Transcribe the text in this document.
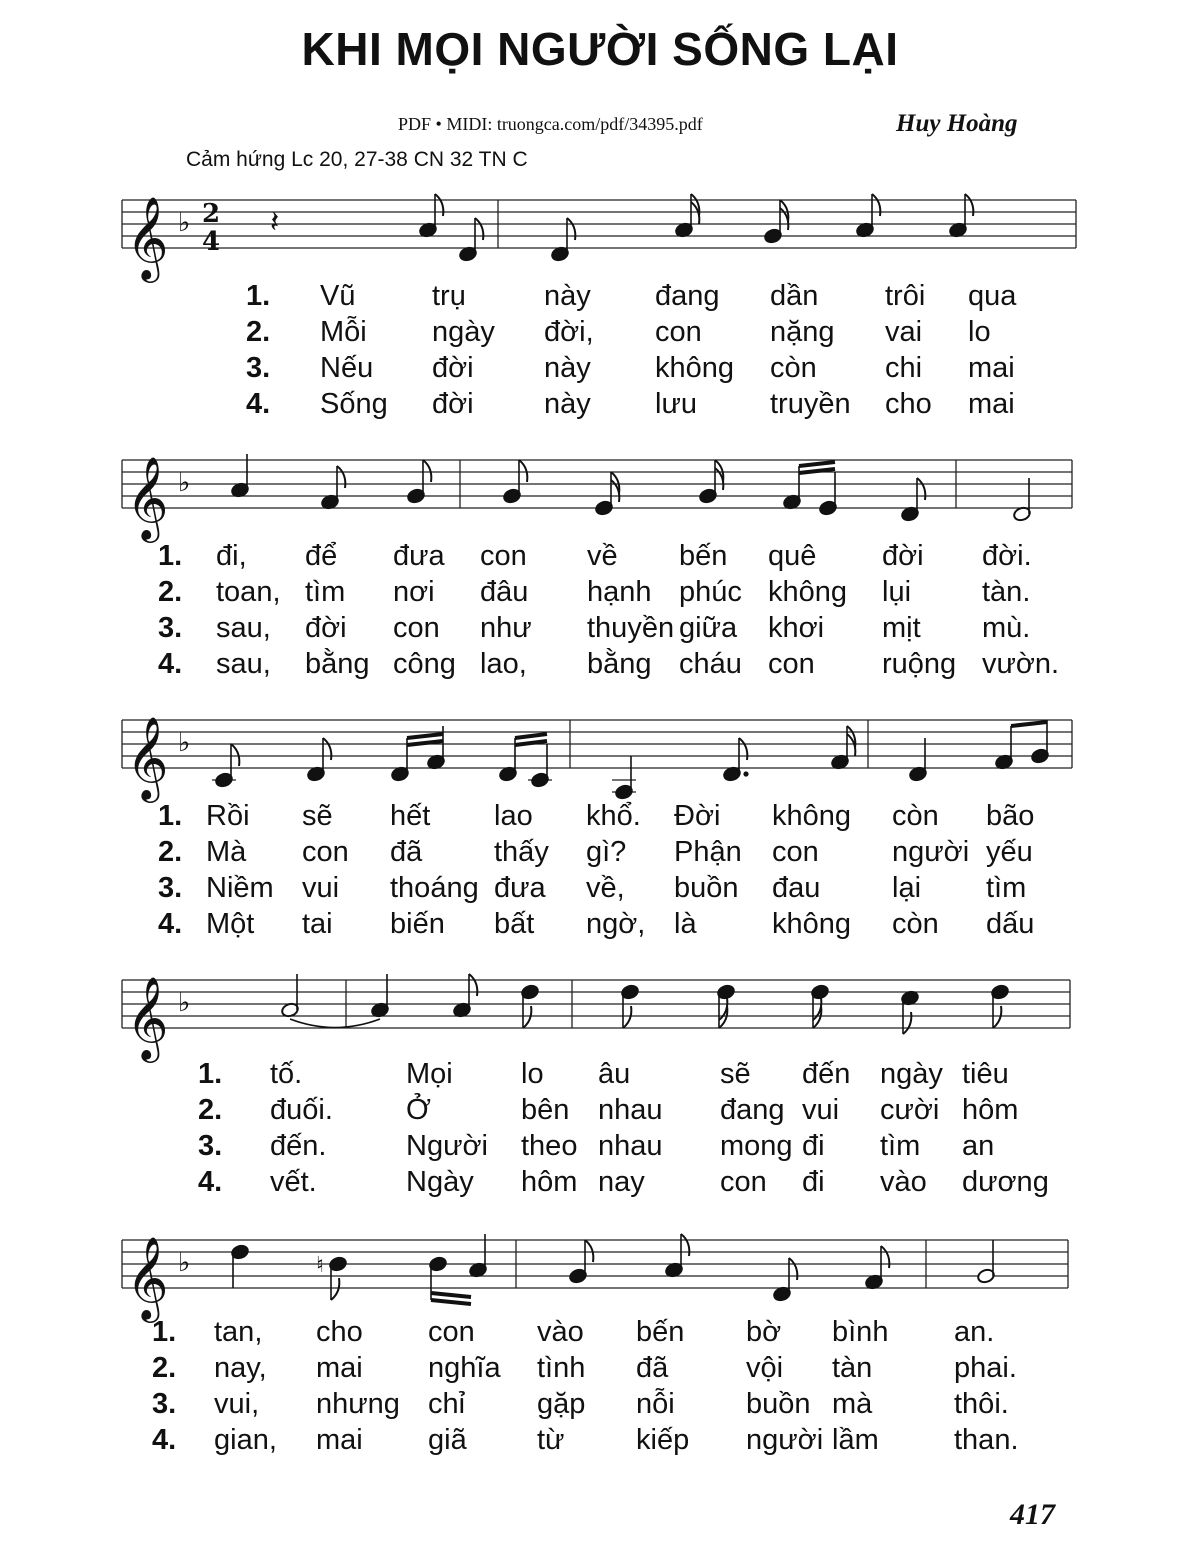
KHI MỌI NGƯỜI SỐNG LẠI
PDF • MIDI: truongca.com/pdf/34395.pdf	Huy Hoàng
Cảm hứng Lc 20, 27-38 CN 32 TN C
𝄞 ♭ 2
4
𝄽
𝄞 ♭
𝄞 ♭
𝄞 ♭
𝄞 ♭	♮
1. Vũ	trụ	này đang dần trôi qua
2. Mỗi ngày đời, con nặng vai lo
3. Nếu đời này không còn chi mai
4. Sống đời này lưu	truyền cho mai
1. đi, để đưa con về bến quê đời đời.
2. toan, tìm nơi đâu hạnh phúc không lụi tàn.
3. sau, đời con như thuyền giữa khơi mịt mù.
4. sau, bằng công lao, bằng cháu con ruộng vườn.
1. Rồi sẽ hết lao khổ. Đời không còn bão
2. Mà con đã thấy gì? Phận con	người yếu
3. Niềm vui thoáng đưa về, buồn đau lại tìm
4. Một tai biến bất ngờ, là	không còn dấu
1. tố.	Mọi lo âu	sẽ đến ngày tiêu
2. đuối.	Ở	bên nhau đang vui cười hôm
3. đến.	Người theo nhau mong đi tìm an
4. vết.	Ngày hôm nay	con đi vào dương
1. tan, cho con vào bến bờ bình an.
2. nay, mai nghĩa tình đã	vội tàn	phai.
3. vui, nhưng chỉ gặp nỗi buồn mà	thôi.
4. gian, mai giã từ kiếp người lầm	than.
417
